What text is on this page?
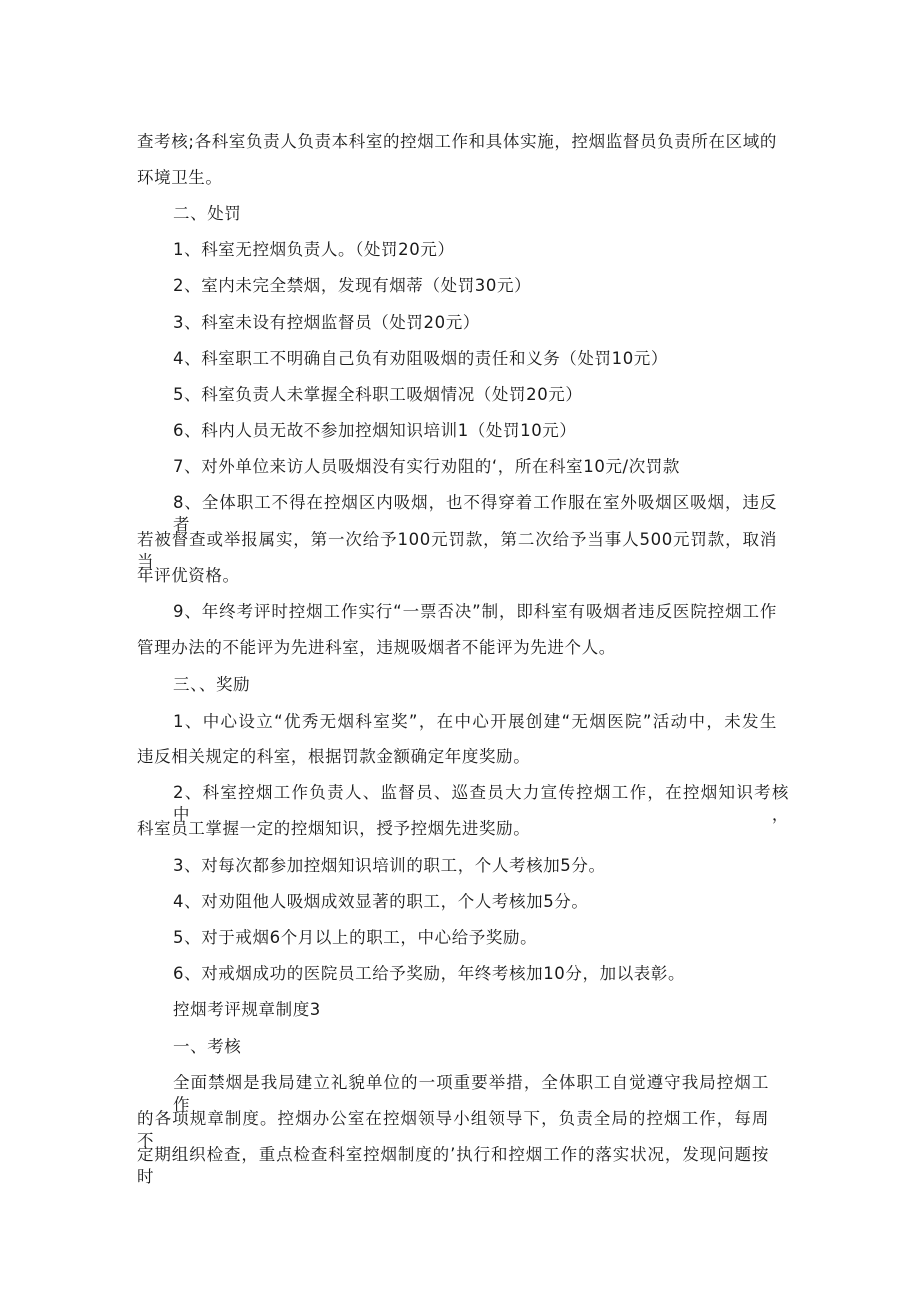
查考核;各科室负责人负责本科室的控烟工作和具体实施，控烟监督员负责所在区域的
环境卫生。
二、处罚
1、科室无控烟负责人。（处罚20元）
2、室内未完全禁烟，发现有烟蒂（处罚30元）
3、科室未设有控烟监督员（处罚20元）
4、科室职工不明确自己负有劝阻吸烟的责任和义务（处罚10元）
5、科室负责人未掌握全科职工吸烟情况（处罚20元）
6、科内人员无故不参加控烟知识培训1（处罚10元）
7、对外单位来访人员吸烟没有实行劝阻的‘，所在科室10元/次罚款
8、全体职工不得在控烟区内吸烟，也不得穿着工作服在室外吸烟区吸烟，违反者
若被督查或举报属实，第一次给予100元罚款，第二次给予当事人500元罚款，取消当
年评优资格。
9、年终考评时控烟工作实行“一票否决”制，即科室有吸烟者违反医院控烟工作
管理办法的不能评为先进科室，违规吸烟者不能评为先进个人。
三、、奖励
1、中心设立“优秀无烟科室奖”，在中心开展创建“无烟医院”活动中，未发生
违反相关规定的科室，根据罚款金额确定年度奖励。
2、科室控烟工作负责人、监督员、巡查员大力宣传控烟工作，在控烟知识考核中，
科室员工掌握一定的控烟知识，授予控烟先进奖励。
3、对每次都参加控烟知识培训的职工，个人考核加5分。
4、对劝阻他人吸烟成效显著的职工，个人考核加5分。
5、对于戒烟6个月以上的职工，中心给予奖励。
6、对戒烟成功的医院员工给予奖励，年终考核加10分，加以表彰。
控烟考评规章制度3
一、考核
全面禁烟是我局建立礼貌单位的一项重要举措，全体职工自觉遵守我局控烟工作
的各项规章制度。控烟办公室在控烟领导小组领导下，负责全局的控烟工作，每周不
定期组织检查，重点检查科室控烟制度的’执行和控烟工作的落实状况，发现问题按时
